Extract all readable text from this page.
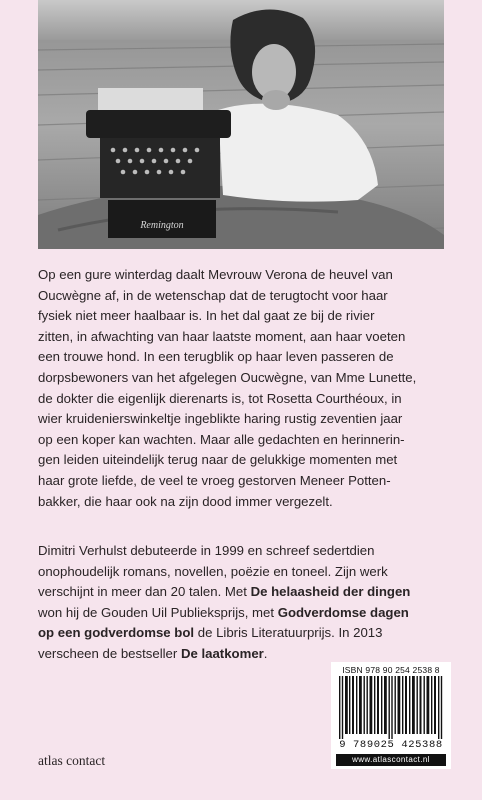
Remington

Op een gure winterdag daalt Mevrouw Verona de heuvel van
Oucwègne af, in de wetenschap dat de terugtocht voor haar
fysiek niet meer haalbaar is. In het dal gaat ze bij de rivier
zitten, in afwachting van haar laatste moment, aan haar voeten
een trouwe hond. In een terugblik op haar leven passeren de
dorpsbewoners van het afgelegen Oucwègne, van Mme Lunette,
de dokter die eigenlijk dierenarts is, tot Rosetta Courthéoux, in
wier kruidenierswinkeltje ingeblikte haring rustig zeventien jaar
op een koper kan wachten. Maar alle gedachten en herinnerin-
gen leiden uiteindelijk terug naar de gelukkige momenten met
haar grote liefde, de veel te vroeg gestorven Meneer Potten-
bakker, die haar ook na zijn dood immer vergezelt.

Dimitri Verhulst debuteerde in 1999 en schreef sedertdien
onophoudelijk romans, novellen, poëzie en toneel. Zijn werk
verschijnt in meer dan 20 talen. Met De helaasheid der dingen
won hij de Gouden Uil Publieksprijs, met Godverdomse dagen
op een godverdomse bol de Libris Literatuurprijs. In 2013
verscheen de bestseller De laatkomer.

atlas contact
ISBN 978 90 254 2538 8
9 789025 425388
www.atlascontact.nl
